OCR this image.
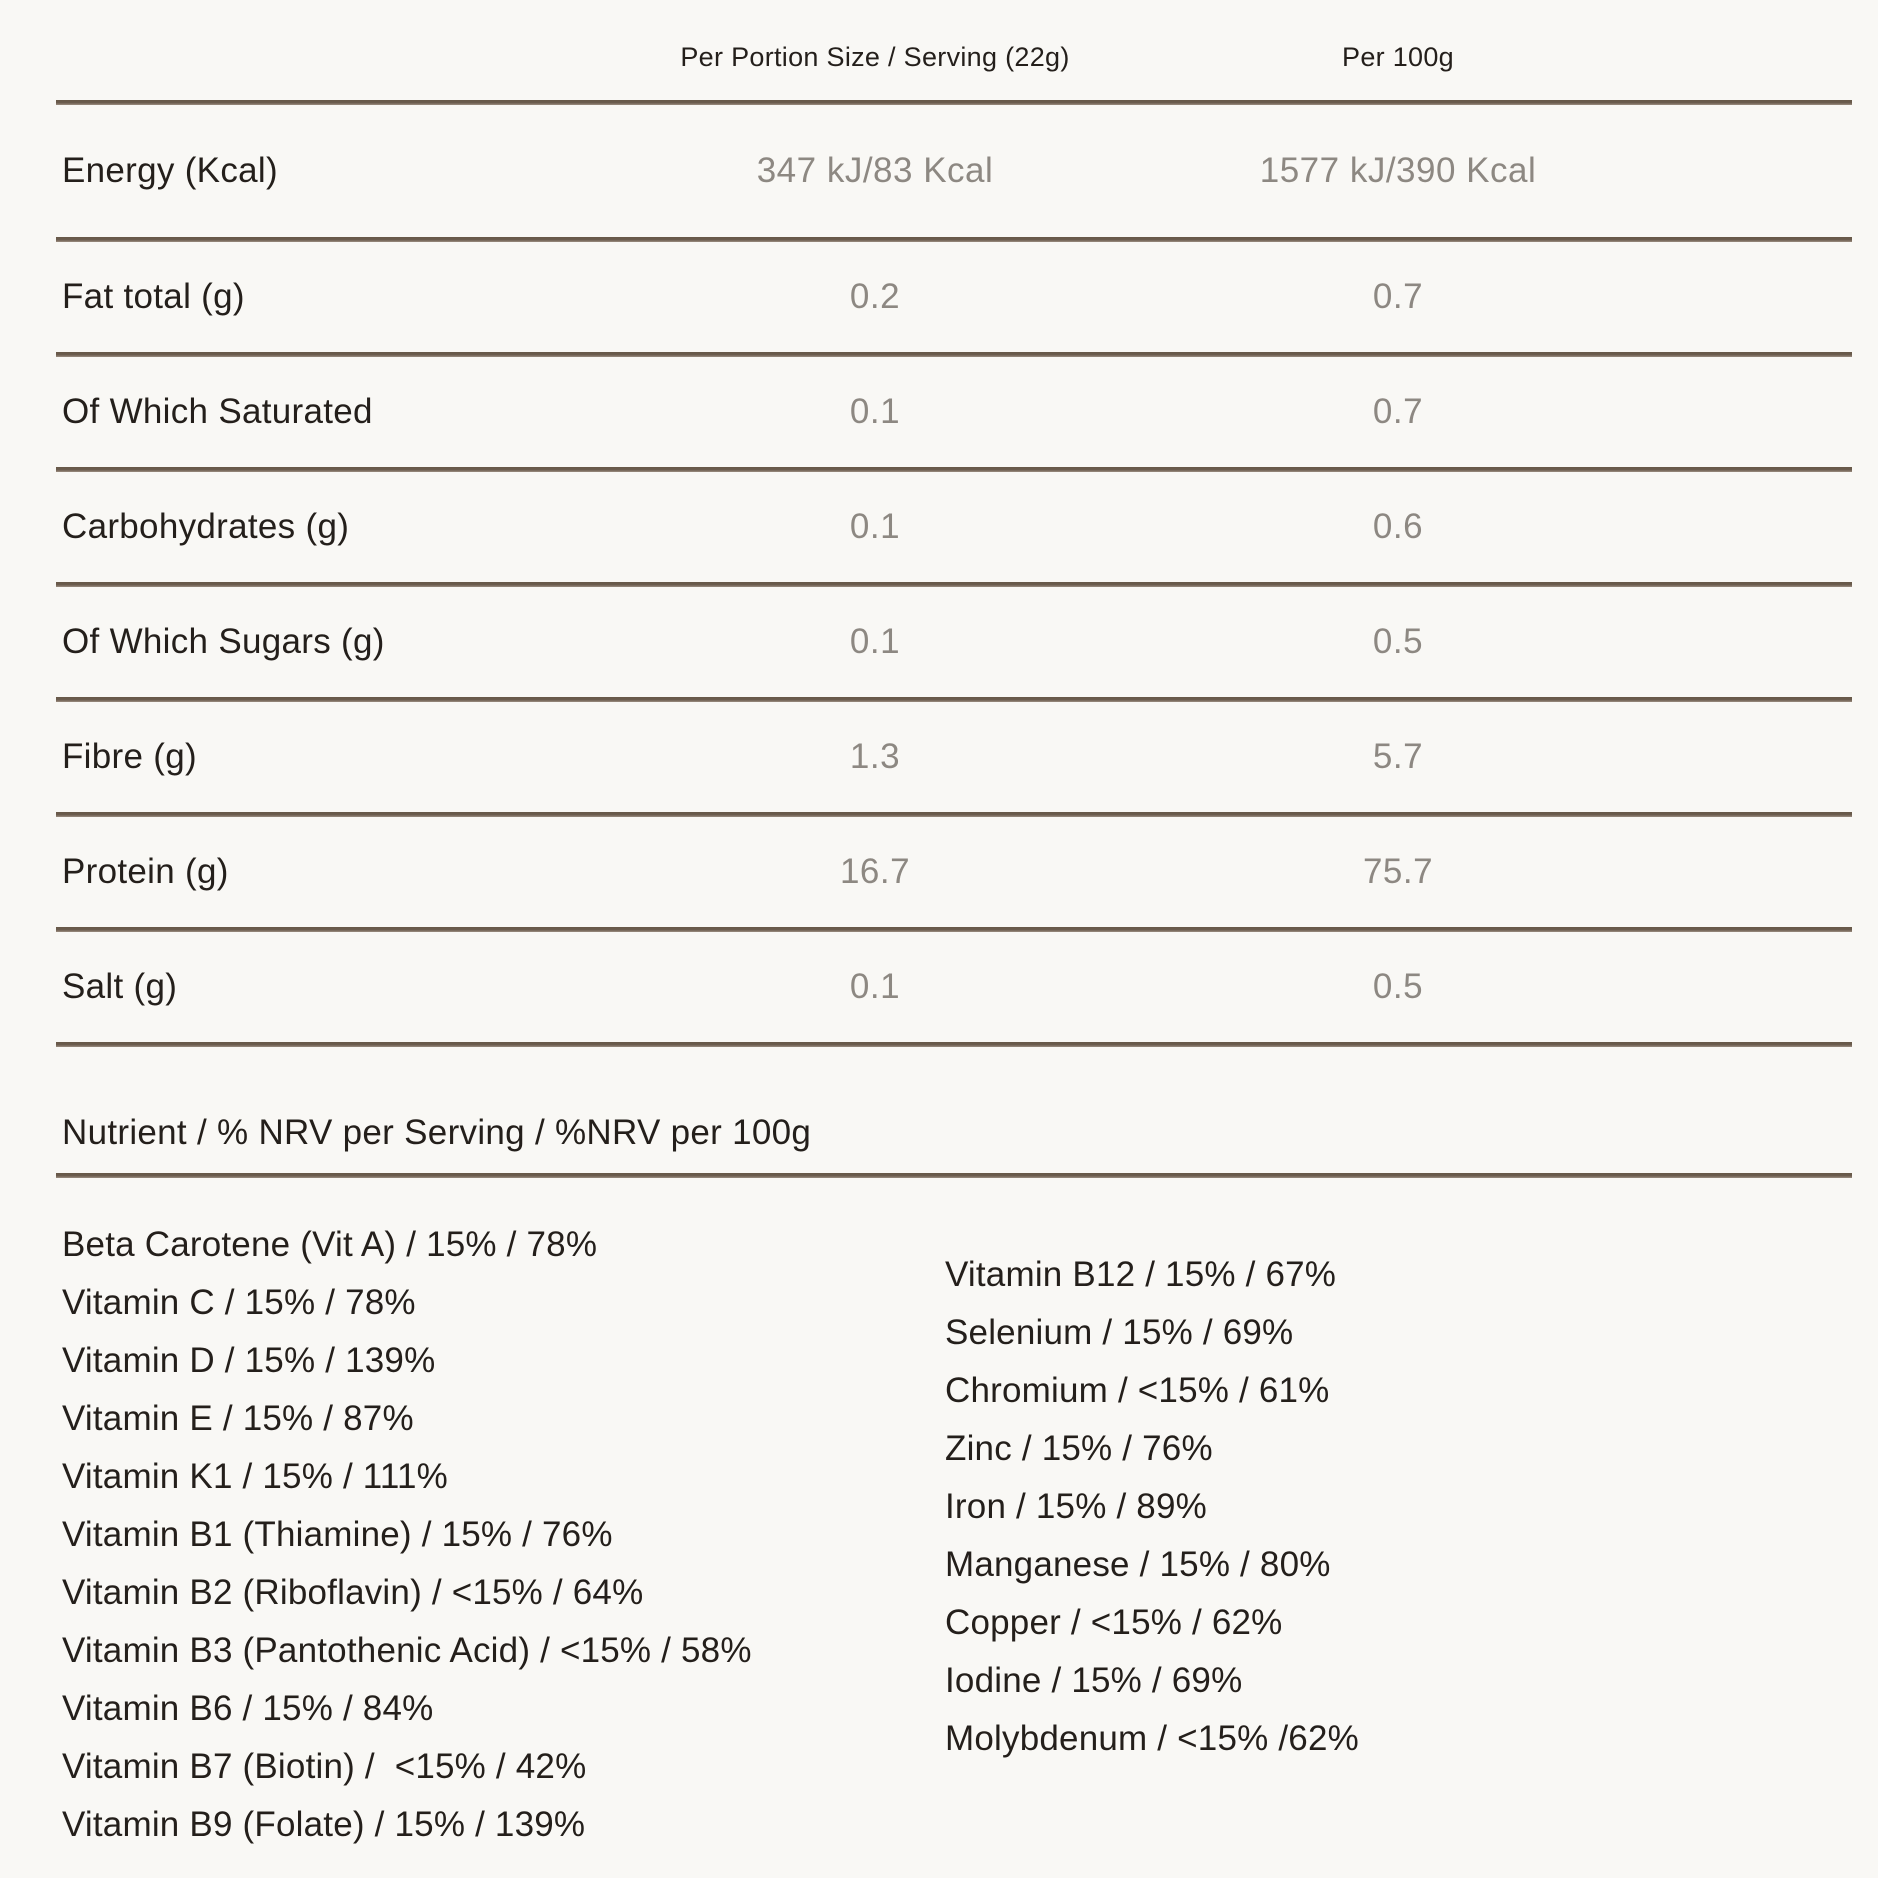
Per Portion Size / Serving (22g)	Per 100g
Energy (Kcal)	347 kJ/83 Kcal	1577 kJ/390 Kcal
Fat total (g)	0.2	0.7
Of Which Saturated	0.1	0.7
Carbohydrates (g)	0.1	0.6
Of Which Sugars (g)	0.1	0.5
Fibre (g)	1.3	5.7
Protein (g)	16.7	75.7
Salt (g)	0.1	0.5
Nutrient / % NRV per Serving / %NRV per 100g
Beta Carotene (Vit A) / 15% / 78%
Vitamin C / 15% / 78%
Vitamin D / 15% / 139%
Vitamin E / 15% / 87%
Vitamin K1 / 15% / 111%
Vitamin B1 (Thiamine) / 15% / 76%
Vitamin B2 (Riboflavin) / <15% / 64%
Vitamin B3 (Pantothenic Acid) / <15% / 58%
Vitamin B6 / 15% / 84%
Vitamin B7 (Biotin) /  <15% / 42%
Vitamin B9 (Folate) / 15% / 139%
Vitamin B12 / 15% / 67%
Selenium / 15% / 69%
Chromium / <15% / 61%
Zinc / 15% / 76%
Iron / 15% / 89%
Manganese / 15% / 80%
Copper / <15% / 62%
Iodine / 15% / 69%
Molybdenum / <15% /62%
